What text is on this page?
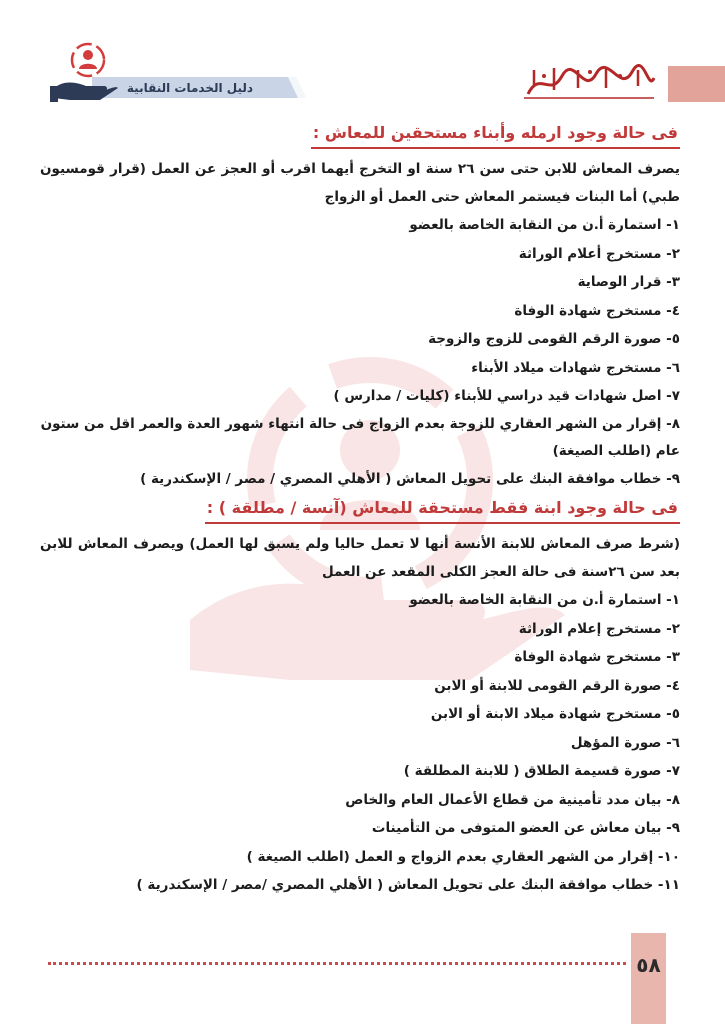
دليل الخدمات النقابية
فى حالة وجود ارمله وأبناء مستحقين للمعاش :

يصرف المعاش للابن حتى سن ٢٦ سنة او التخرج أيهما اقرب أو العجز عن العمل (قرار قومسيون طبي) أما البنات فيستمر المعاش حتى العمل أو الزواج

١- استمارة أ.ن من النقابة الخاصة بالعضو

٢- مستخرج أعلام الوراثة

٣- قرار الوصاية

٤- مستخرج شهادة الوفاة

٥- صورة الرقم القومى للزوج والزوجة

٦- مستخرج شهادات ميلاد الأبناء

٧- اصل شهادات قيد دراسي للأبناء (كليات / مدارس )

٨- إقرار من الشهر العقاري للزوجة بعدم الزواج فى حالة انتهاء شهور العدة والعمر اقل من ستون عام (اطلب الصيغة)

٩- خطاب موافقة البنك على تحويل المعاش ( الأهلي المصري / مصر / الإسكندرية )

فى حالة وجود ابنة فقط مستحقة للمعاش (آنسة / مطلقة ) :

(شرط صرف المعاش للابنة الأنسة أنها لا تعمل حاليا ولم يسبق لها العمل) ويصرف المعاش للابن بعد سن ٢٦سنة فى حالة العجز الكلى المقعد عن العمل

١- استمارة أ.ن من النقابة الخاصة بالعضو

٢- مستخرج إعلام الوراثة

٣- مستخرج شهادة الوفاة

٤- صورة الرقم القومى للابنة أو الابن

٥- مستخرج شهادة ميلاد الابنة أو الابن

٦- صورة المؤهل

٧- صورة قسيمة الطلاق ( للابنة المطلقة )

٨- بيان مدد تأمينية من قطاع الأعمال العام والخاص

٩- بيان معاش عن العضو المتوفى من التأمينات

١٠- إقرار من الشهر العقاري بعدم الزواج و العمل (اطلب الصيغة )

١١- خطاب موافقة البنك على تحويل المعاش ( الأهلي المصري /مصر / الإسكندرية )

٥٨
